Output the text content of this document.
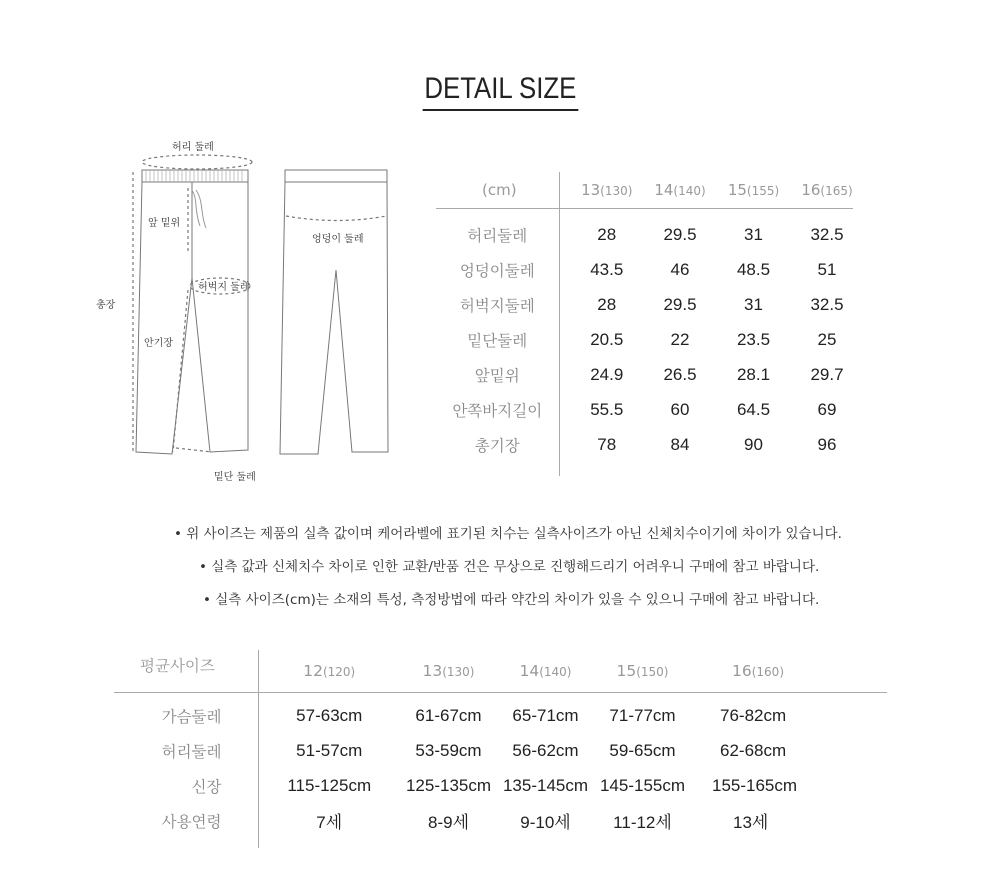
DETAIL SIZE
허리 둘레
앞 밑위
허벅지 둘레
총장
안기장
밑단 둘레
엉덩이 둘레
(cm)	13(130)	14(140)	15(155)	16(165)

허리둘레	28	29.5	31	32.5
엉덩이둘레	43.5	46	48.5	51
허벅지둘레	28	29.5	31	32.5
밑단둘레	20.5	22	23.5	25
앞밑위	24.9	26.5	28.1	29.7
안쪽바지길이	55.5	60	64.5	69
총기장	78	84	90	96

• 위 사이즈는 제품의 실측 값이며 케어라벨에 표기된 치수는 실측사이즈가 아닌 신체치수이기에 차이가 있습니다.
• 실측 값과 신체치수 차이로 인한 교환/반품 건은 무상으로 진행해드리기 어려우니 구매에 참고 바랍니다.
• 실측 사이즈(cm)는 소재의 특성, 측정방법에 따라 약간의 차이가 있을 수 있으니 구매에 참고 바랍니다.
평균사이즈	12(120)	13(130)	14(140)	15(150)	16(160)

가슴둘레	57-63cm	61-67cm	65-71cm	71-77cm	76-82cm
허리둘레	51-57cm	53-59cm	56-62cm	59-65cm	62-68cm
신장	115-125cm	125-135cm	135-145cm	145-155cm	155-165cm
사용연령	7세	8-9세	9-10세	11-12세	13세
